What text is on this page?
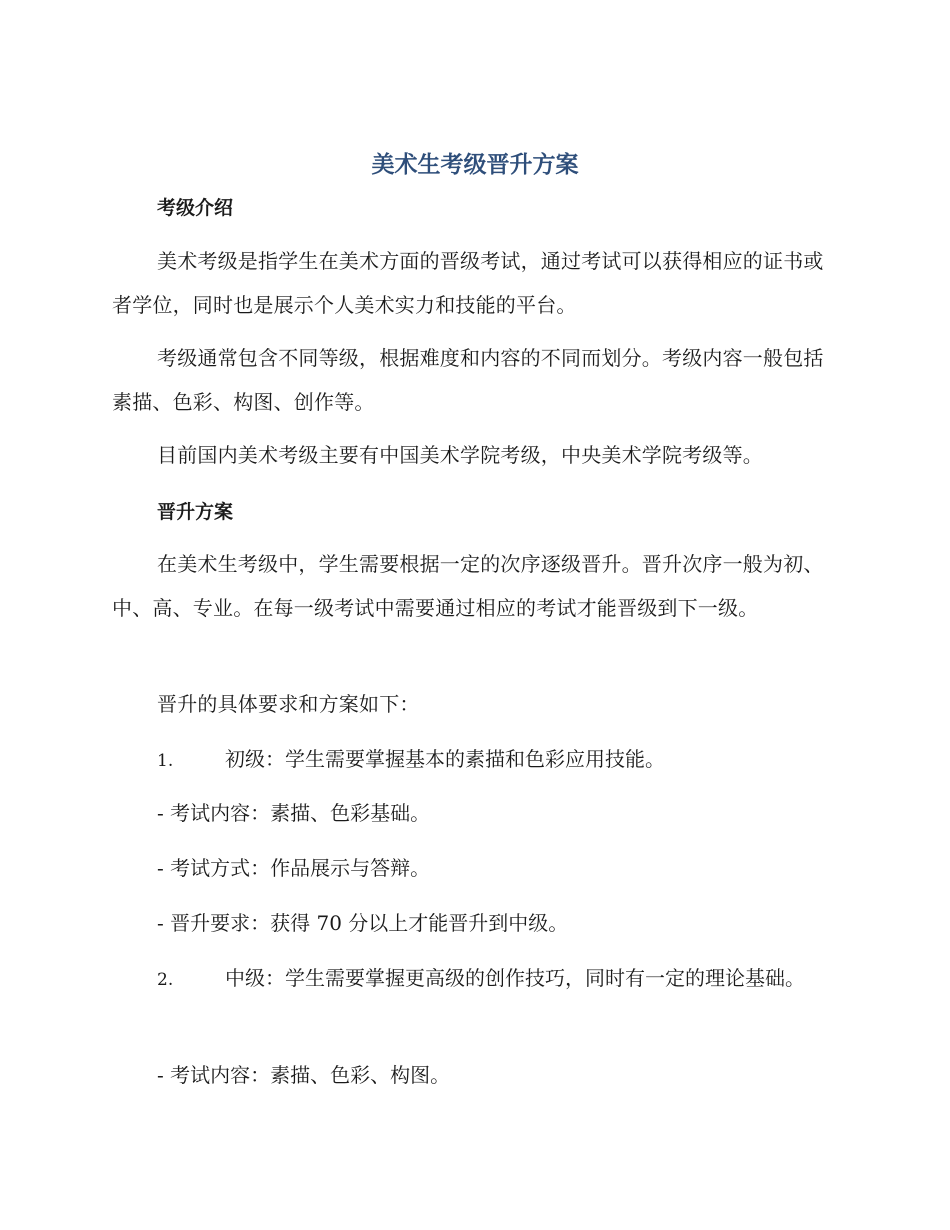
美术生考级晋升方案
考级介绍

美术考级是指学生在美术方面的晋级考试，通过考试可以获得相应的证书或者学位，同时也是展示个人美术实力和技能的平台。

考级通常包含不同等级，根据难度和内容的不同而划分。考级内容一般包括素描、色彩、构图、创作等。

目前国内美术考级主要有中国美术学院考级，中央美术学院考级等。

晋升方案

在美术生考级中，学生需要根据一定的次序逐级晋升。晋升次序一般为初、中、高、专业。在每一级考试中需要通过相应的考试才能晋级到下一级。

晋升的具体要求和方案如下：

1.	初级：学生需要掌握基本的素描和色彩应用技能。
- 考试内容：素描、色彩基础。
- 考试方式：作品展示与答辩。
- 晋升要求：获得 70 分以上才能晋升到中级。
2.	中级：学生需要掌握更高级的创作技巧，同时有一定的理论基础。
- 考试内容：素描、色彩、构图。
